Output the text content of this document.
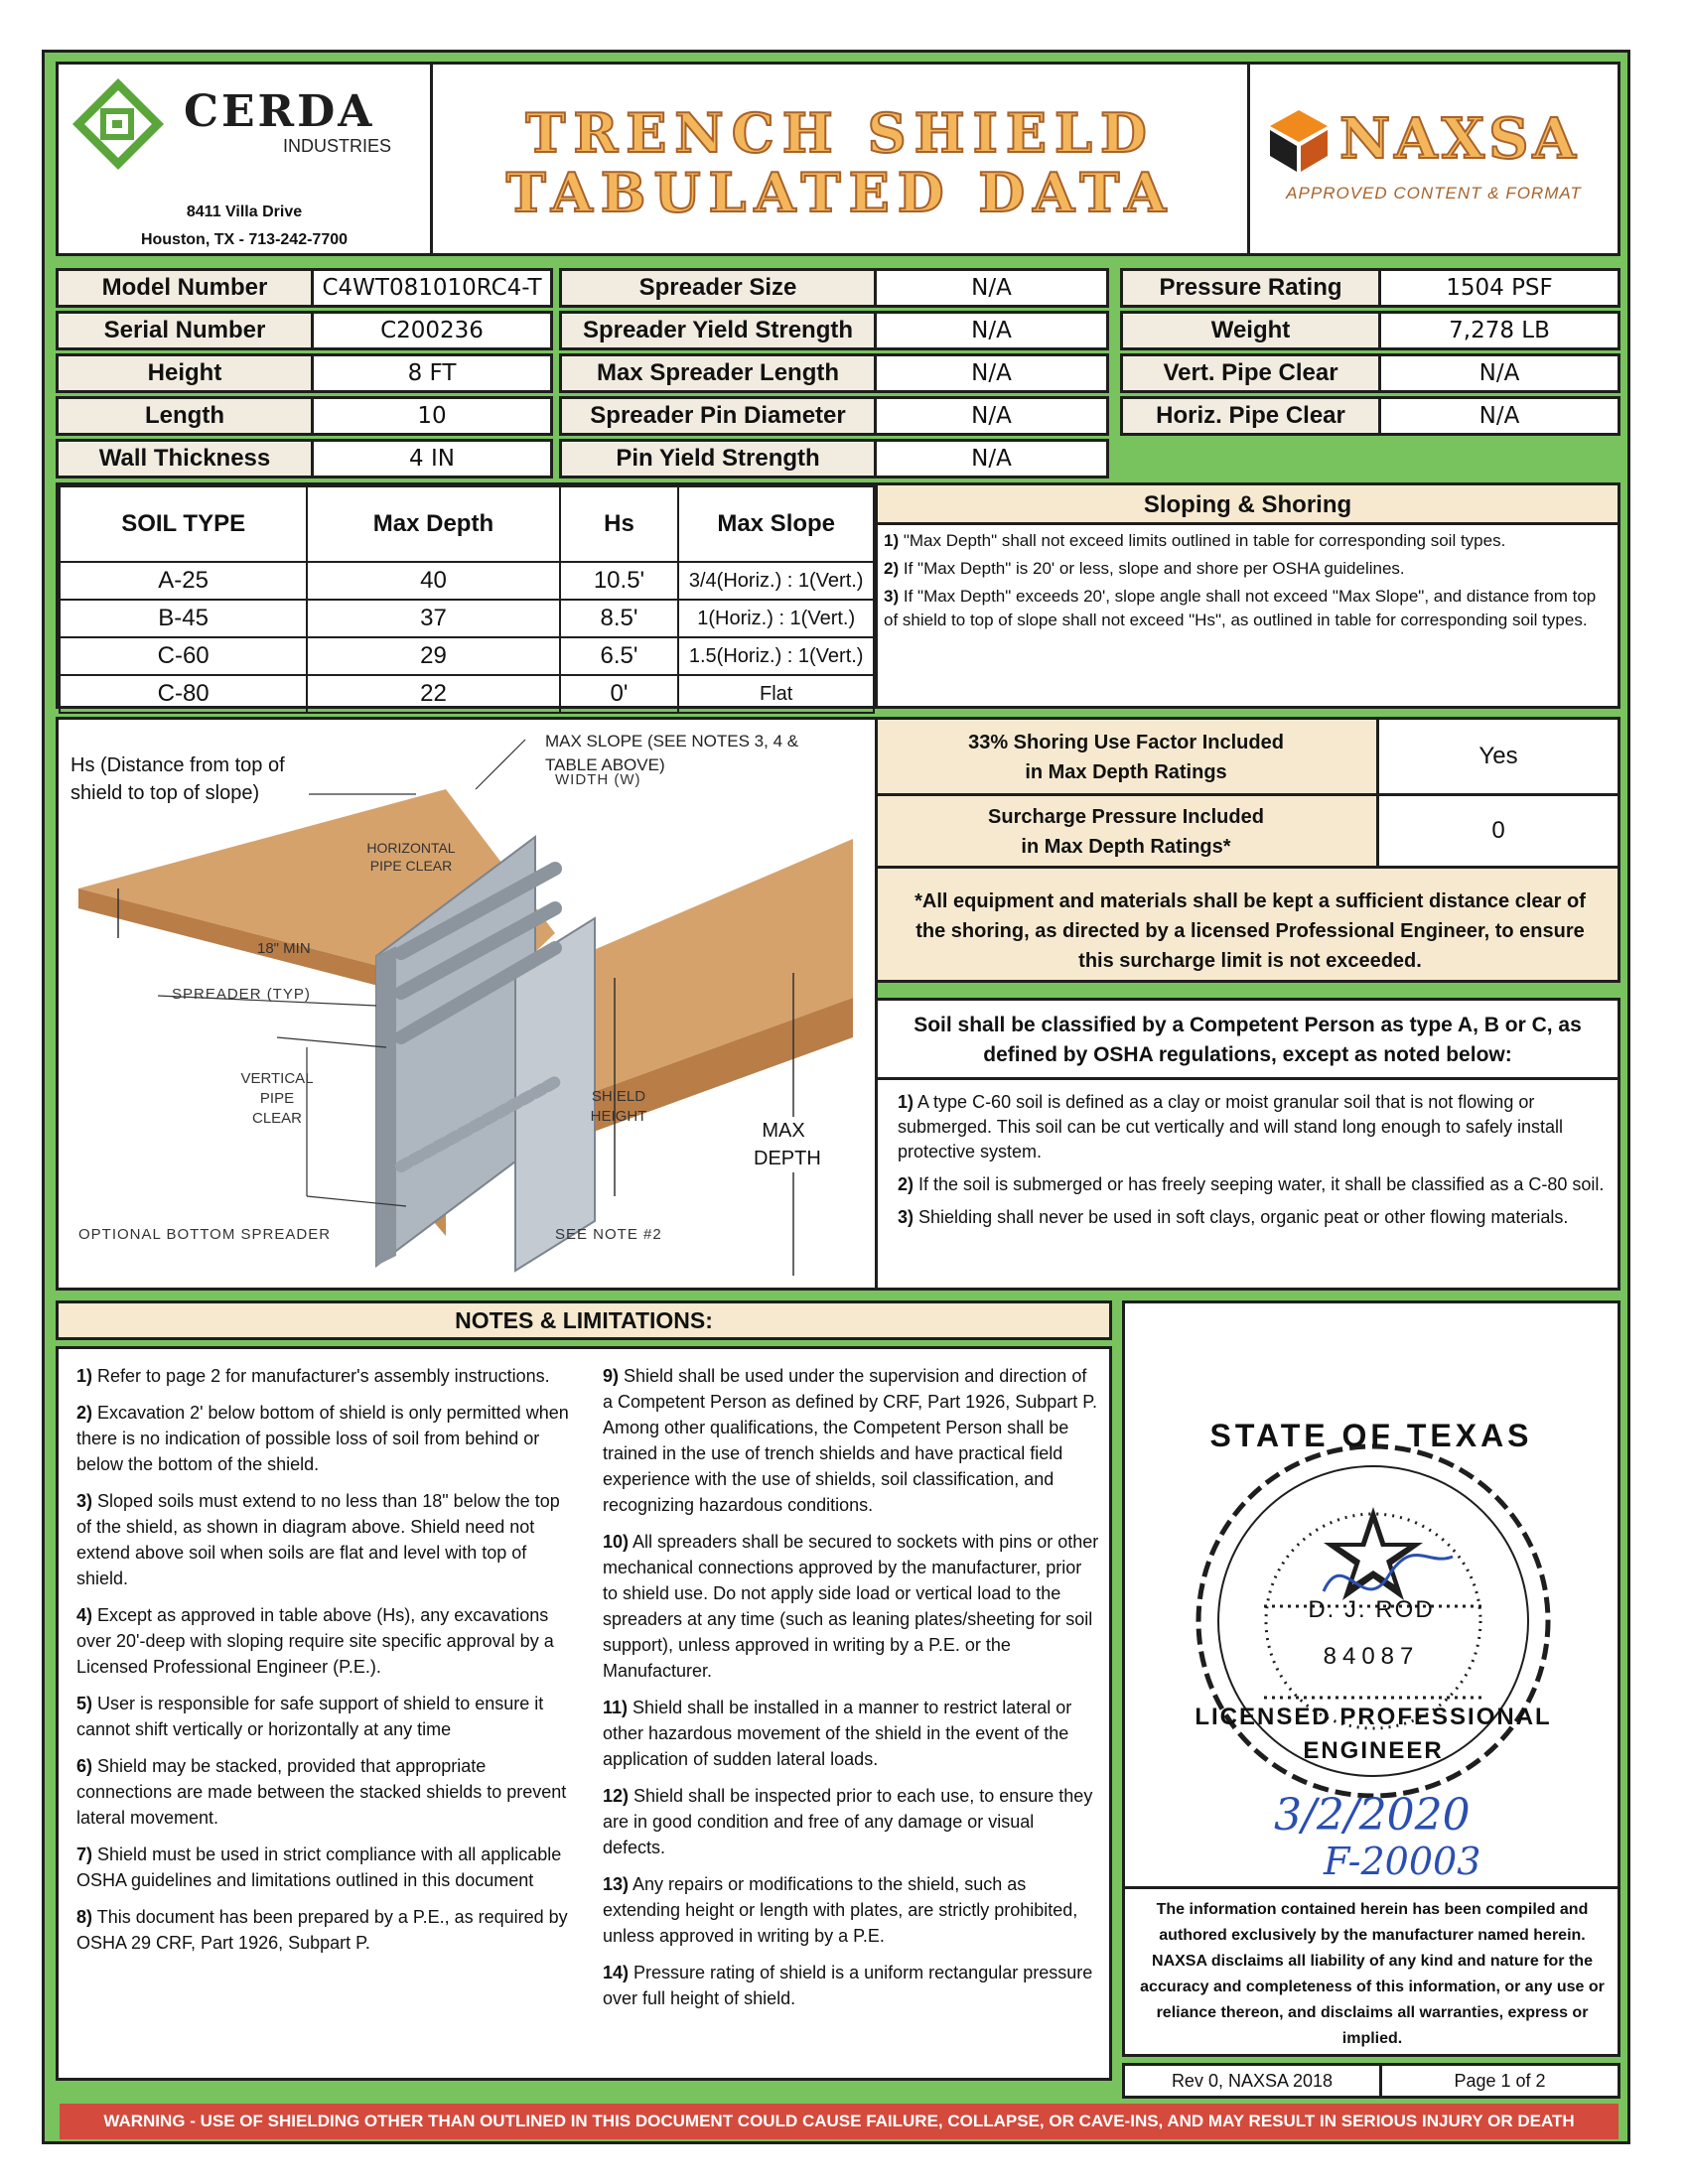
CERDA
INDUSTRIES
8411 Villa Drive
Houston, TX - 713-242-7700
TRENCH SHIELD
TABULATED DATA
NAXSA
APPROVED CONTENT & FORMAT
Model Number	C4WT081010RC4-T
Serial Number	C200236
Height	8 FT
Length	10
Wall Thickness	4 IN
Spreader Size	N/A
Spreader Yield Strength	N/A
Max Spreader Length	N/A
Spreader Pin Diameter	N/A
Pin Yield Strength	N/A
Pressure Rating	1504 PSF
Weight	7,278 LB
Vert. Pipe Clear	N/A
Horiz. Pipe Clear	N/A
SOIL TYPE	Max Depth	Hs	Max Slope
A-25	40	10.5'	3/4(Horiz.) : 1(Vert.)
B-45	37	8.5'	1(Horiz.) : 1(Vert.)
C-60	29	6.5'	1.5(Horiz.) : 1(Vert.)
C-80	22	0'	Flat
Sloping & Shoring

1) "Max Depth" shall not exceed limits outlined in table for corresponding soil types.

2) If "Max Depth" is 20' or less, slope and shore per OSHA guidelines.

3) If "Max Depth" exceeds 20', slope angle shall not exceed "Max Slope", and distance from top of shield to top of slope shall not exceed "Hs", as outlined in table for corresponding soil types.

Hs (Distance from top of shield to top of slope)
MAX SLOPE (SEE NOTES 3, 4 & TABLE ABOVE)
WIDTH (W)
HORIZONTAL PIPE CLEAR
18" MIN
SPREADER (TYP)
VERTICAL PIPE CLEAR
SHIELD HEIGHT
MAX DEPTH
OPTIONAL BOTTOM SPREADER	SEE NOTE #2
33% Shoring Use Factor Included in Max Depth Ratings
Yes
Surcharge Pressure Included in Max Depth Ratings*
0
*All equipment and materials shall be kept a sufficient distance clear of the shoring, as directed by a licensed Professional Engineer, to ensure this surcharge limit is not exceeded.
Soil shall be classified by a Competent Person as type A, B or C, as defined by OSHA regulations, except as noted below:

1) A type C-60 soil is defined as a clay or moist granular soil that is not flowing or submerged. This soil can be cut vertically and will stand long enough to safely install protective system.

2) If the soil is submerged or has freely seeping water, it shall be classified as a C-80 soil.

3) Shielding shall never be used in soft clays, organic peat or other flowing materials.

NOTES & LIMITATIONS:

1) Refer to page 2 for manufacturer's assembly instructions.

2) Excavation 2' below bottom of shield is only permitted when there is no indication of possible loss of soil from behind or below the bottom of the shield.

3) Sloped soils must extend to no less than 18" below the top of the shield, as shown in diagram above. Shield need not extend above soil when soils are flat and level with top of shield.

4) Except as approved in table above (Hs), any excavations over 20'-deep with sloping require site specific approval by a Licensed Professional Engineer (P.E.).

5) User is responsible for safe support of shield to ensure it cannot shift vertically or horizontally at any time

6) Shield may be stacked, provided that appropriate connections are made between the stacked shields to prevent lateral movement.

7) Shield must be used in strict compliance with all applicable OSHA guidelines and limitations outlined in this document

8) This document has been prepared by a P.E., as required by OSHA 29 CRF, Part 1926, Subpart P.

9) Shield shall be used under the supervision and direction of a Competent Person as defined by CRF, Part 1926, Subpart P. Among other qualifications, the Competent Person shall be trained in the use of trench shields and have practical field experience with the use of shields, soil classification, and recognizing hazardous conditions.

10) All spreaders shall be secured to sockets with pins or other mechanical connections approved by the manufacturer, prior to shield use. Do not apply side load or vertical load to the spreaders at any time (such as leaning plates/sheeting for soil support), unless approved in writing by a P.E. or the Manufacturer.

11) Shield shall be installed in a manner to restrict lateral or other hazardous movement of the shield in the event of the application of sudden lateral loads.

12) Shield shall be inspected prior to each use, to ensure they are in good condition and free of any damage or visual defects.

13) Any repairs or modifications to the shield, such as extending height or length with plates, are strictly prohibited, unless approved in writing by a P.E.

14) Pressure rating of shield is a uniform rectangular pressure over full height of shield.

STATE OF TEXAS
D. J. ROD
84087
LICENSED PROFESSIONAL ENGINEER
3/2/2020
F-20003
The information contained herein has been compiled and authored exclusively by the manufacturer named herein. NAXSA disclaims all liability of any kind and nature for the accuracy and completeness of this information, or any use or reliance thereon, and disclaims all warranties, express or implied.
Rev 0, NAXSA 2018	Page 1 of 2
WARNING - USE OF SHIELDING OTHER THAN OUTLINED IN THIS DOCUMENT COULD CAUSE FAILURE, COLLAPSE, OR CAVE-INS, AND MAY RESULT IN SERIOUS INJURY OR DEATH
